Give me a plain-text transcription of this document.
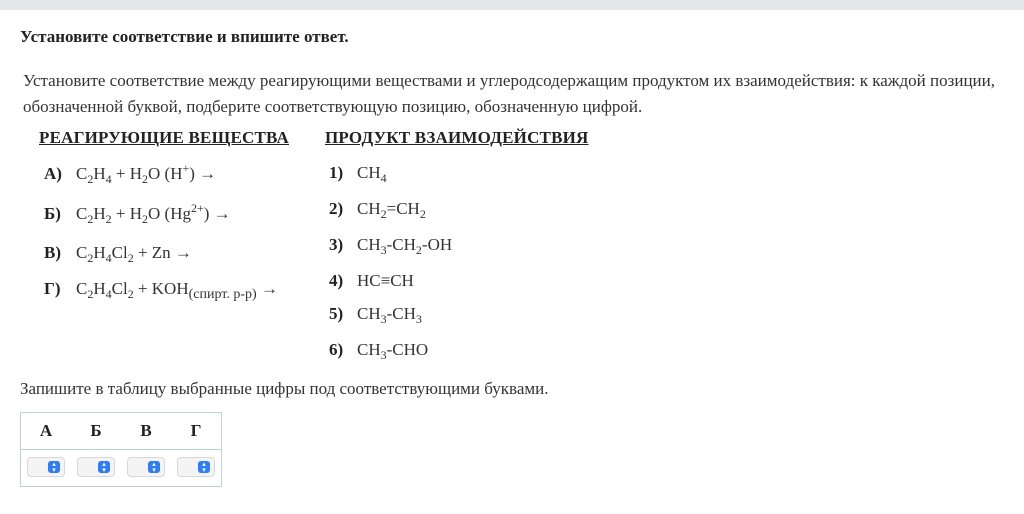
Установите соответствие и впишите ответ.
Установите соответствие между реагирующими веществами и углеродсодержащим продуктом их взаимодействия: к каждой позиции, обозначенной буквой, подберите соответствующую позицию, обозначенную цифрой.
РЕАГИРУЮЩИЕ ВЕЩЕСТВА ПРОДУКТ ВЗАИМОДЕЙСТВИЯ
А) $C_2H_4 + H_2O$ (H+) →
Б) $C_2H_2 + H_2O$ $(Hg^{2+})$ →
В) $C_2H_4Cl_2 + Zn$ →
Г) $C_2H_4Cl_2 + KOH_{(спирт. р-р)}$ →
1) $CH_4$
2) $CH_2=CH_2$
3) $CH_3-CH_2-OH$
4) HC≡CH
5) $CH_3-CH_3$
6) $CH_3$-CHO
Запишите в таблицу выбранные цифры под соответствующими буквами.
А	Б	В	Г

▴
▾	▴
▾	▴
▾	▴
▾
